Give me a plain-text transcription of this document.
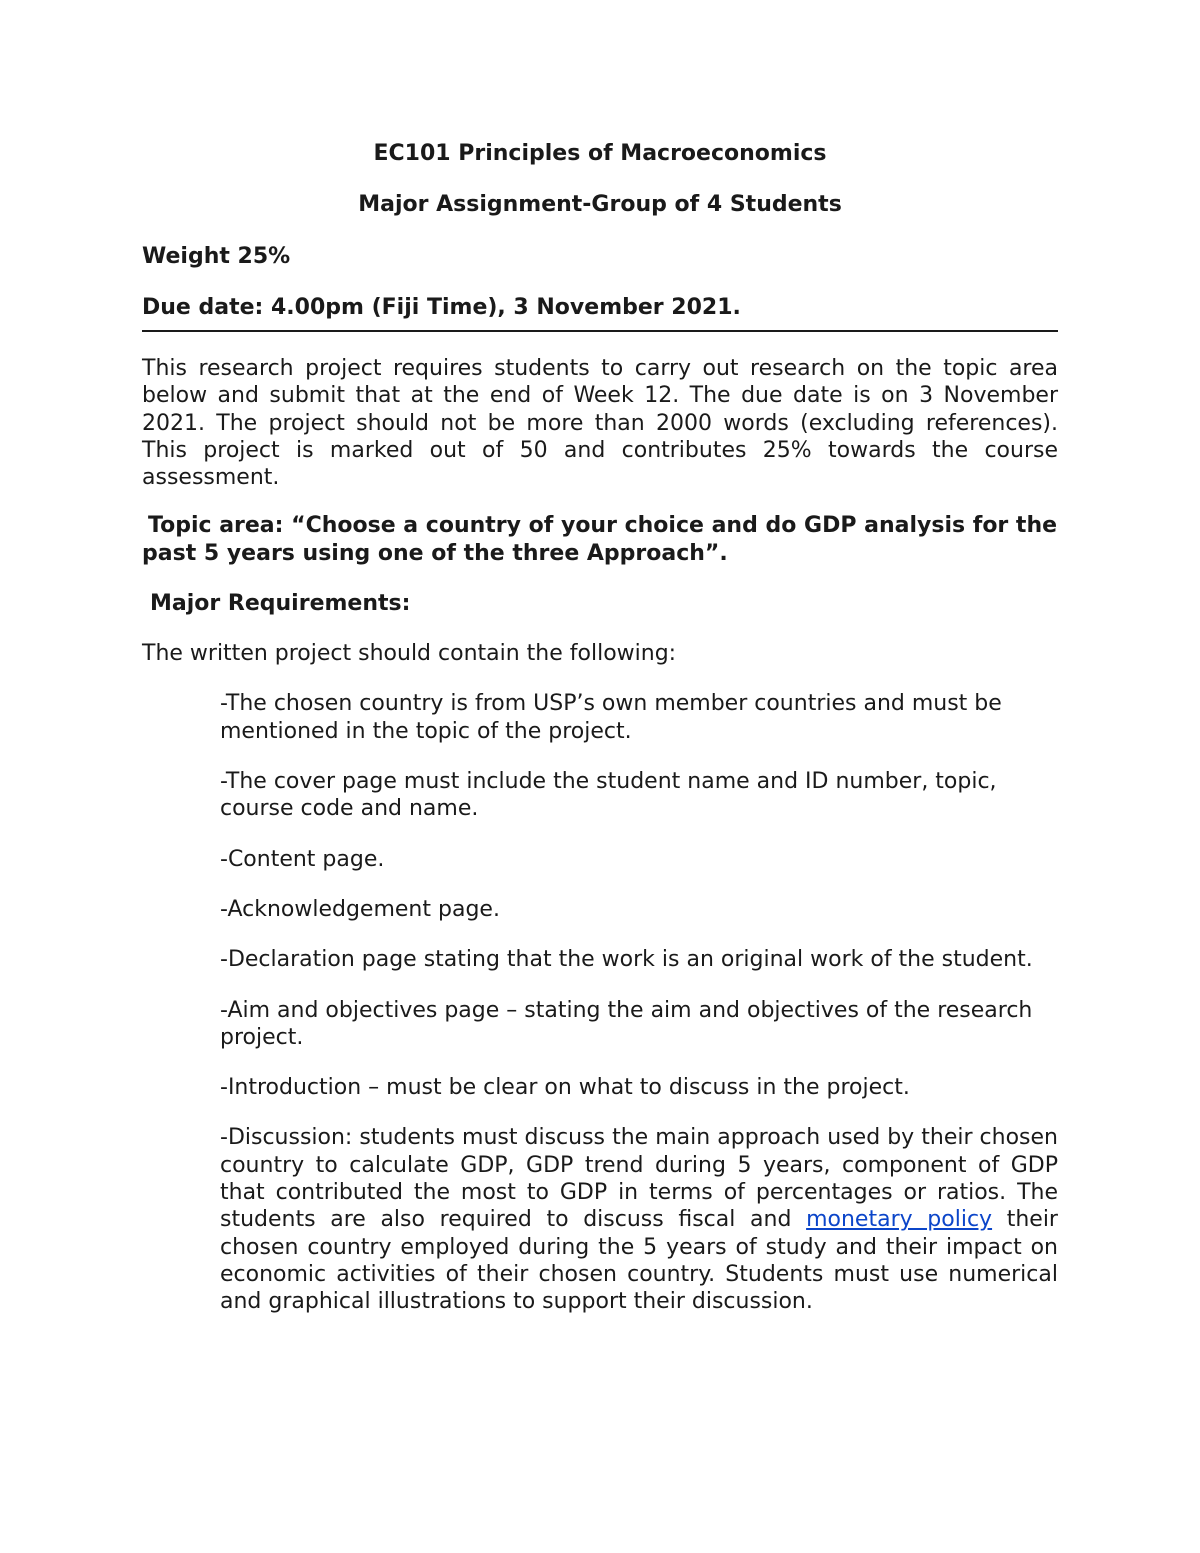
EC101 Principles of Macroeconomics

Major Assignment-Group of 4 Students

Weight 25%

Due date: 4.00pm (Fiji Time), 3 November 2021.

This research project requires students to carry out research on the topic area below and submit that at the end of Week 12. The due date is on 3 November 2021. The project should not be more than 2000 words (excluding references). This project is marked out of 50 and contributes 25% towards the course assessment.

Topic area: “Choose a country of your choice and do GDP analysis for the past 5 years using one of the three Approach”.

Major Requirements:

The written project should contain the following:

-The chosen country is from USP’s own member countries and must be mentioned in the topic of the project.
-The cover page must include the student name and ID number, topic, course code and name.
-Content page.
-Acknowledgement page.
-Declaration page stating that the work is an original work of the student.
-Aim and objectives page – stating the aim and objectives of the research project.
-Introduction – must be clear on what to discuss in the project.
-Discussion: students must discuss the main approach used by their chosen country to calculate GDP, GDP trend during 5 years, component of GDP that contributed the most to GDP in terms of percentages or ratios. The students are also required to discuss fiscal and monetary policy their chosen country employed during the 5 years of study and their impact on economic activities of their chosen country. Students must use numerical and graphical illustrations to support their discussion.
